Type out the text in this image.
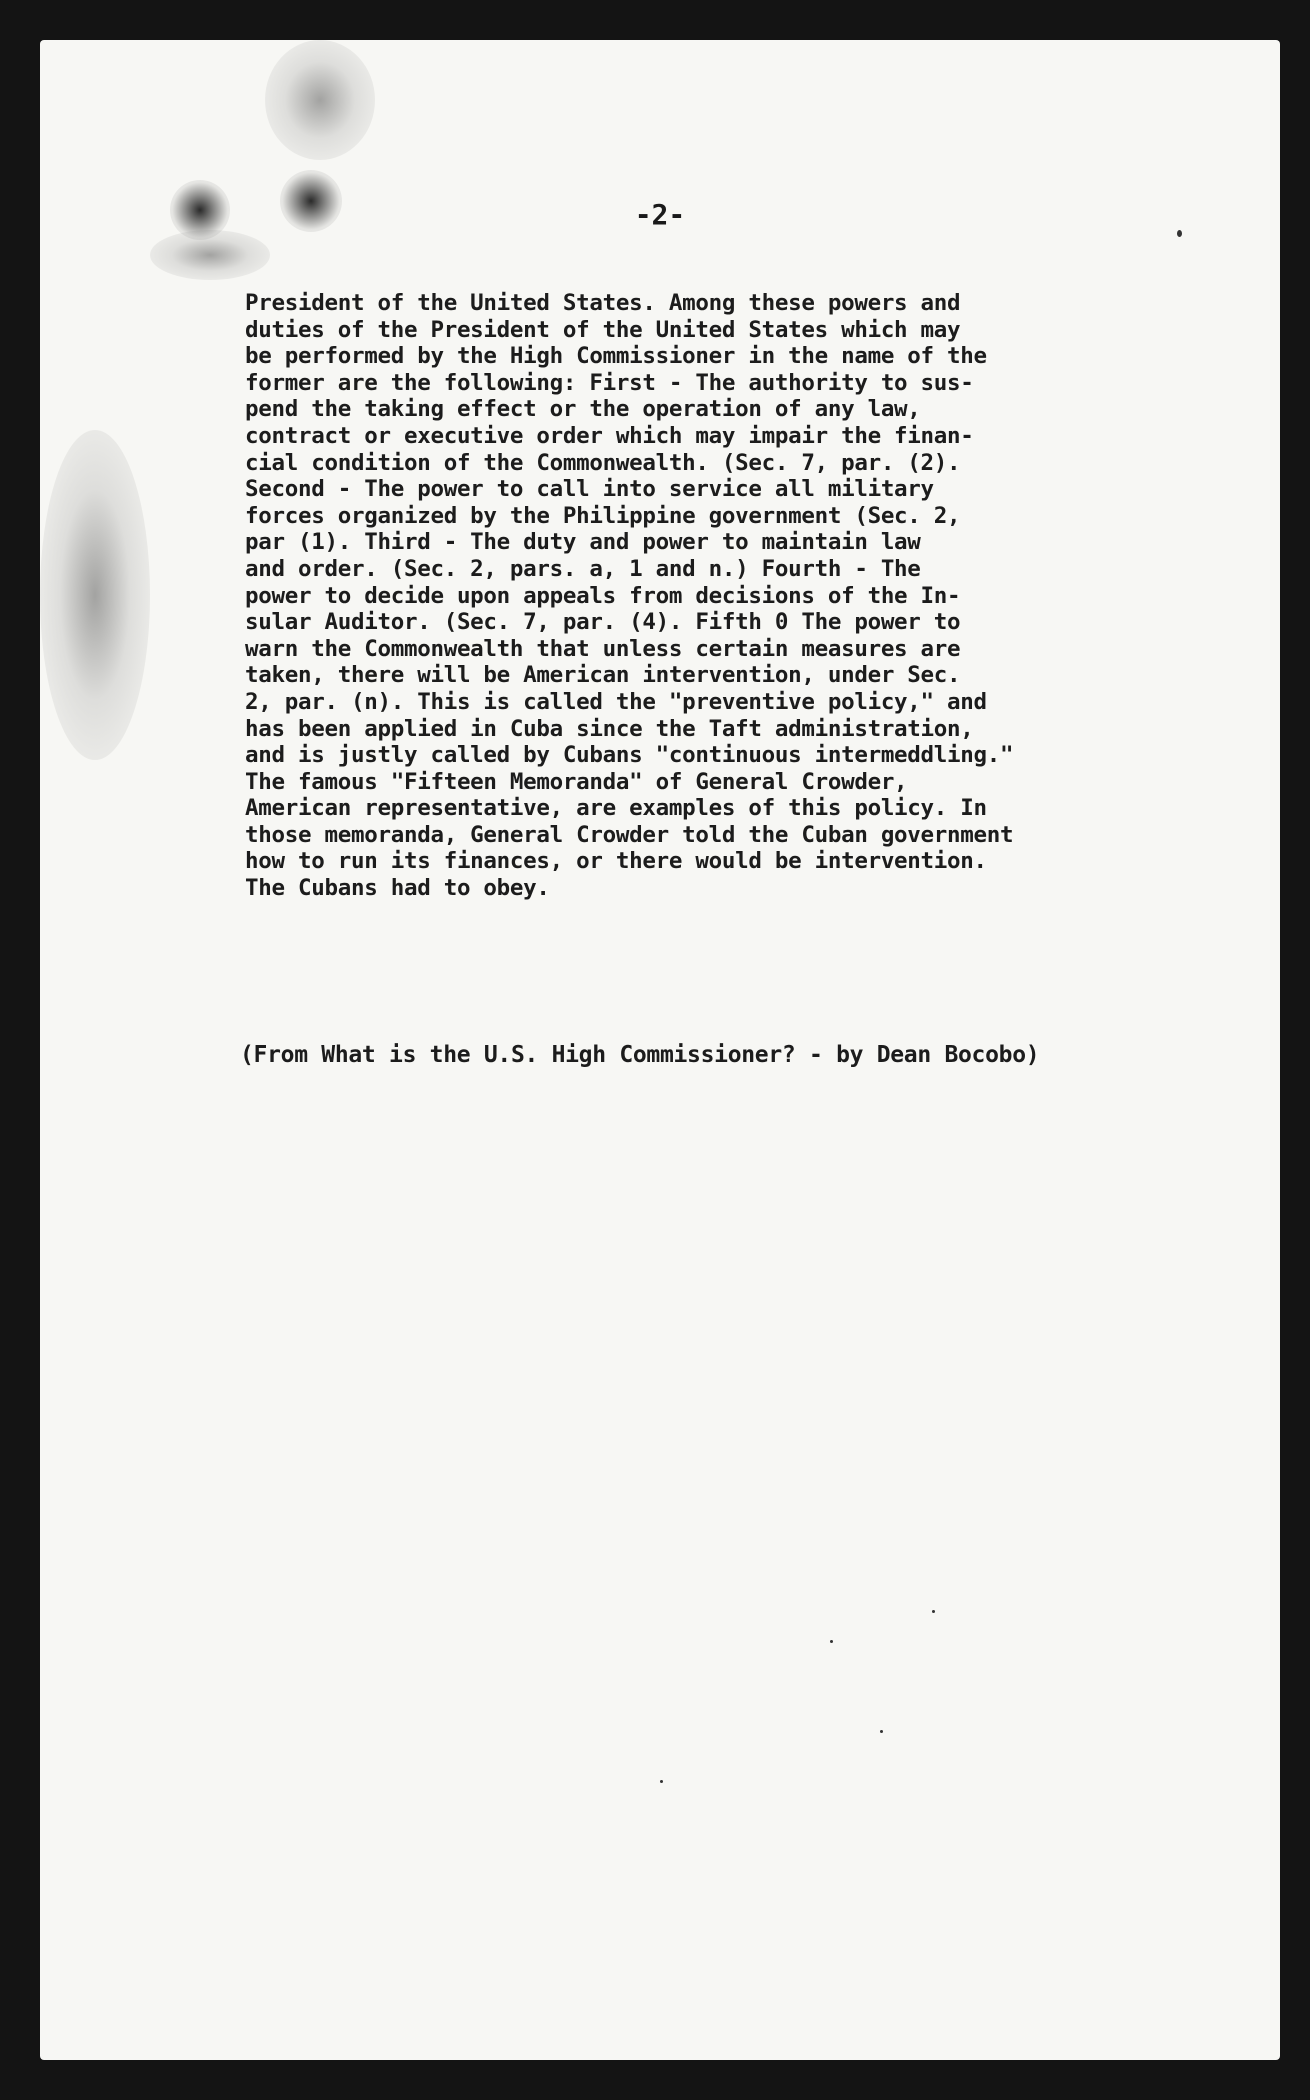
-2-
President of the United States. Among these powers and
duties of the President of the United States which may
be performed by the High Commissioner in the name of the
former are the following: First - The authority to sus-
pend the taking effect or the operation of any law,
contract or executive order which may impair the finan-
cial condition of the Commonwealth. (Sec. 7, par. (2).
Second - The power to call into service all military
forces organized by the Philippine government (Sec. 2,
par (1). Third - The duty and power to maintain law
and order. (Sec. 2, pars. a, 1 and n.) Fourth - The
power to decide upon appeals from decisions of the In-
sular Auditor. (Sec. 7, par. (4). Fifth 0 The power to
warn the Commonwealth that unless certain measures are
taken, there will be American intervention, under Sec.
2, par. (n). This is called the "preventive policy," and
has been applied in Cuba since the Taft administration,
and is justly called by Cubans "continuous intermeddling."
The famous "Fifteen Memoranda" of General Crowder,
American representative, are examples of this policy. In
those memoranda, General Crowder told the Cuban government
how to run its finances, or there would be intervention.
The Cubans had to obey.
(From What is the U.S. High Commissioner? - by Dean Bocobo)
